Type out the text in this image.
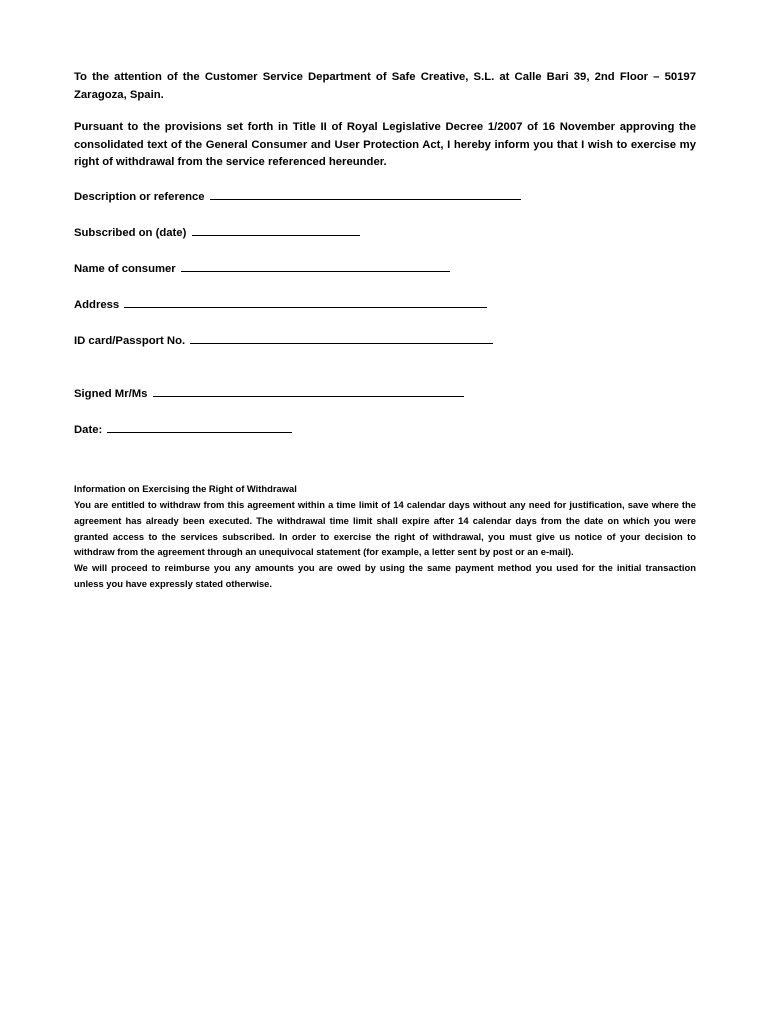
To the attention of the Customer Service Department of Safe Creative, S.L. at Calle Bari 39, 2nd Floor – 50197 Zaragoza, Spain.

Pursuant to the provisions set forth in Title II of Royal Legislative Decree 1/2007 of 16 November approving the consolidated text of the General Consumer and User Protection Act, I hereby inform you that I wish to exercise my right of withdrawal from the service referenced hereunder.

Description or reference
Subscribed on (date)
Name of consumer
Address
ID card/Passport No.
Signed Mr/Ms
Date:

Information on Exercising the Right of Withdrawal

You are entitled to withdraw from this agreement within a time limit of 14 calendar days without any need for justification, save where the agreement has already been executed. The withdrawal time limit shall expire after 14 calendar days from the date on which you were granted access to the services subscribed. In order to exercise the right of withdrawal, you must give us notice of your decision to withdraw from the agreement through an unequivocal statement (for example, a letter sent by post or an e-mail).

We will proceed to reimburse you any amounts you are owed by using the same payment method you used for the initial transaction unless you have expressly stated otherwise.
